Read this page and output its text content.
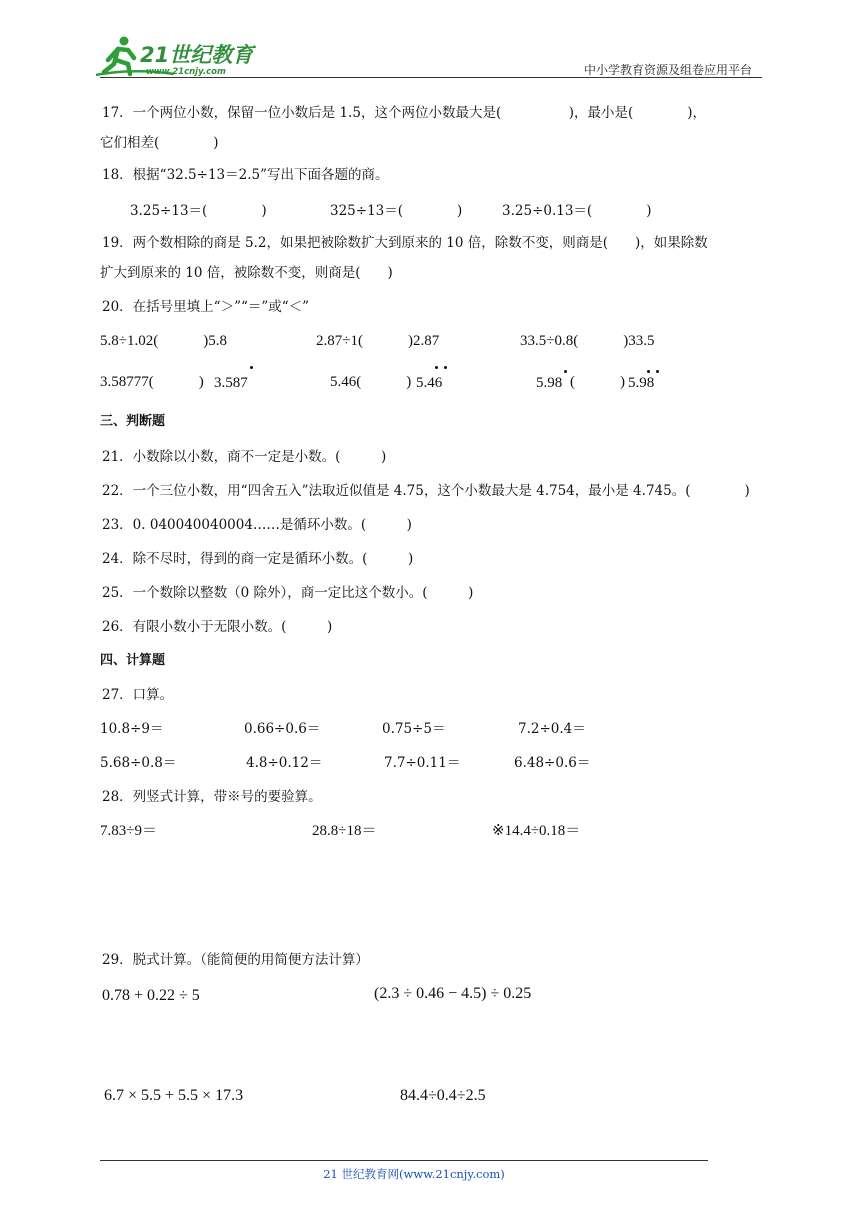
21世纪教育
www.21cnjy.com	中小学教育资源及组卷应用平台
17．一个两位小数，保留一位小数后是 1.5，这个两位小数最大是(　　　　　)，最小是(　　　　)，
它们相差(　　　　)
18．根据“32.5÷13＝2.5”写出下面各题的商。
3.25÷13＝(　　　　)	325÷13＝(　　　　)	3.25÷0.13＝(　　　　)
19．两个数相除的商是 5.2，如果把被除数扩大到原来的 10 倍，除数不变，则商是(　　)，如果除数
扩大到原来的 10 倍，被除数不变，则商是(　　)
20．在括号里填上“＞”“＝”或“＜”
5.8÷1.02(　　　)5.8	2.87÷1(　　　)2.87	33.5÷0.8(　　　)33.5
3.58777(　　　) 3.587	5.46(　　　) 5.46	5.98 (　　　) 5.98
三、判断题
21．小数除以小数，商不一定是小数。(　　　)
22．一个三位小数，用“四舍五入”法取近似值是 4.75，这个小数最大是 4.754，最小是 4.745。(　　　　)
23．0. 040040040004……是循环小数。(　　　)
24．除不尽时，得到的商一定是循环小数。(　　　)
25．一个数除以整数（0 除外），商一定比这个数小。(　　　)
26．有限小数小于无限小数。(　　　)
四、计算题
27．口算。
10.8÷9＝	0.66÷0.6＝	0.75÷5＝	7.2÷0.4＝
5.68÷0.8＝	4.8÷0.12＝	7.7÷0.11＝	6.48÷0.6＝
28．列竖式计算，带※号的要验算。
7.83÷9＝	28.8÷18＝	※14.4÷0.18＝
29．脱式计算。（能简便的用简便方法计算）
0.78 + 0.22 ÷ 5	(2.3 ÷ 0.46 − 4.5) ÷ 0.25
6.7 × 5.5 + 5.5 × 17.3	84.4÷0.4÷2.5
21 世纪教育网(www.21cnjy.com)
